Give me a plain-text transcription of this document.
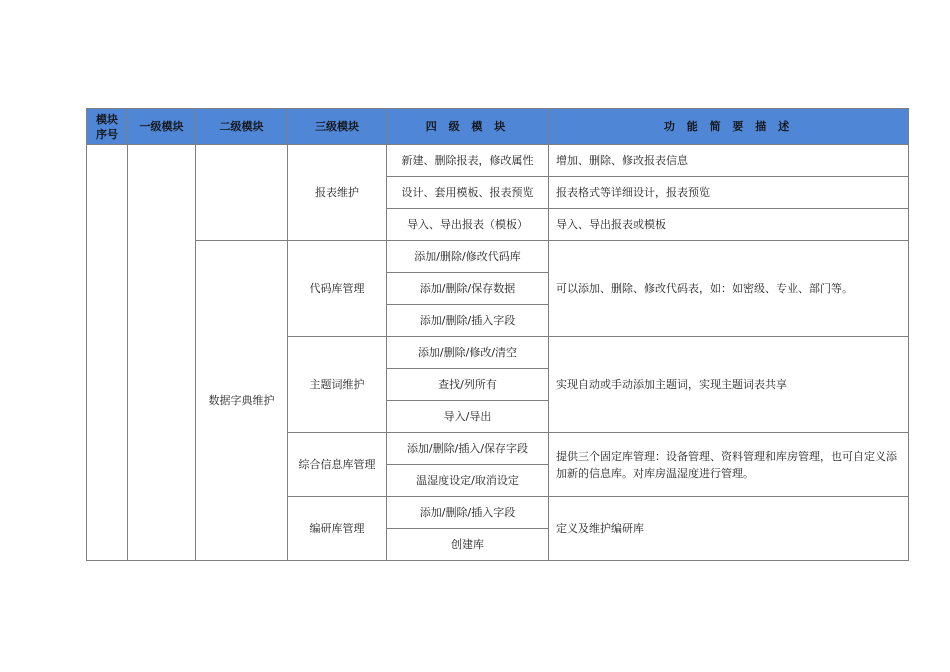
模块序号	一级模块	二级模块	三级模块	四 级 模 块	功 能 简 要 描 述
			报表维护	新建、删除报表，修改属性	增加、删除、修改报表信息
				设计、套用模板、报表预览	报表格式等详细设计，报表预览
				导入、导出报表（模板）	导入、导出报表或模板
		数据字典维护	代码库管理	添加/删除/修改代码库	可以添加、删除、修改代码表，如：如密级、专业、部门等。
				添加/删除/保存数据	
				添加/删除/插入字段	
			主题词维护	添加/删除/修改/清空	实现自动或手动添加主题词，实现主题词表共享
				查找/列所有	
				导入/导出	
			综合信息库管理	添加/删除/插入/保存字段	提供三个固定库管理：设备管理、资料管理和库房管理，也可自定义添加新的信息库。对库房温湿度进行管理。
				温湿度设定/取消设定	
			编研库管理	添加/删除/插入字段	定义及维护编研库
				创建库	
